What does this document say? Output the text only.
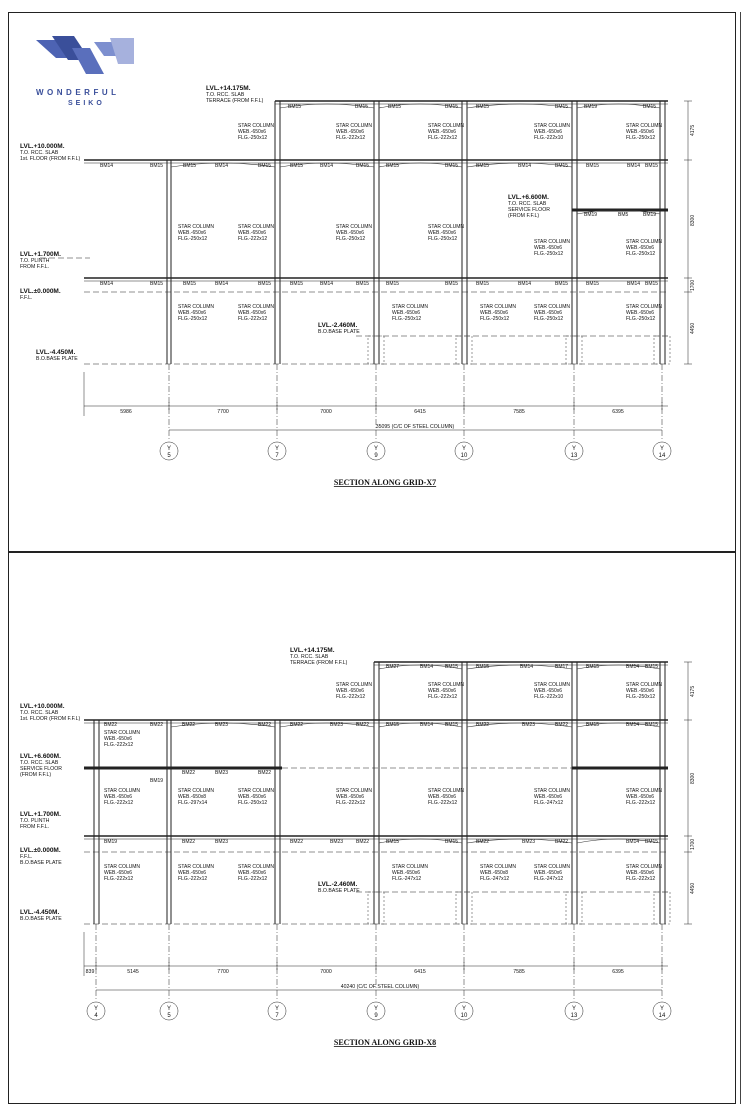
WONDERFUL
SEIKO	BM15	BM15	BM15	BM15	BM15	BM15	BM19	BM15
BM14	BM15	BM15	BM14	BM15	BM15	BM14	BM15	BM15	BM15	BM15	BM14	BM15	BM15	BM14 BM15
BM19	BM5	BM19
BM14	BM15	BM15	BM14	BM15	BM15	BM14	BM15	BM15	BM15	BM15	BM14	BM15	BM15	BM14 BM15
LVL.+14.175M.
T.O. RCC. SLAB
TERRACE (FROM F.F.L)
LVL.+10.000M.
T.O. RCC. SLAB
1st. FLOOR (FROM F.F.L)
LVL.+6.600M.
T.O. RCC. SLAB
SERVICE FLOOR
(FROM F.F.L)
LVL.+1.700M.
T.O. PLINTH
FROM F.F.L.
LVL.±0.000M.
F.F.L.
LVL.-2.460M.
B.O.BASE PLATE
LVL.-4.450M.
B.O.BASE PLATE
STAR COLUMN
WEB.-650x6
FLG.-250x12
STAR COLUMN
WEB.-650x6
FLG.-222x12
STAR COLUMN
WEB.-650x6
FLG.-222x12
STAR COLUMN
WEB.-650x6
FLG.-222x10
STAR COLUMN
WEB.-650x6
FLG.-250x12
STAR COLUMN
WEB.-650x6
FLG.-250x12
STAR COLUMN
WEB.-650x6
FLG.-222x12
STAR COLUMN
WEB.-650x6
FLG.-250x12
STAR COLUMN
WEB.-650x6
FLG.-250x12	STAR COLUMN
WEB.-650x6
FLG.-250x12
STAR COLUMN
WEB.-650x6
FLG.-250x12
STAR COLUMN
WEB.-650x6
FLG.-250x12
STAR COLUMN
WEB.-650x6
FLG.-222x12
STAR COLUMN
WEB.-650x6
FLG.-250x12
STAR COLUMN
WEB.-650x6
FLG.-250x12
STAR COLUMN
WEB.-650x6
FLG.-250x12
STAR COLUMN
WEB.-650x6
FLG.-250x12
4175
8300
1700
4450
5986	7700	7000	6415	7585	6395
35095 (C/C OF STEEL COLUMN)
Y
5
Y
7
Y
9
Y
10
Y
13
Y
14
SECTION ALONG GRID-X7
BM27	BM14 BM15	BM15	BM14	BM17	BM15	BM14 BM15
BM22	BM22	BM22	BM23	BM22	BM22	BM23	BM22	BM15	BM14 BM15	BM22	BM23	BM22	BM15	BM14 BM15
BM19
BM22	BM23	BM22
BM19	BM22	BM23	BM22	BM23	BM22	BM15	BM15	BM22	BM23	BM22	BM14 BM15
LVL.+14.175M.
T.O. RCC. SLAB
TERRACE (FROM F.F.L)
LVL.+10.000M.
T.O. RCC. SLAB
1st. FLOOR (FROM F.F.L)
LVL.+6.600M.
T.O. RCC. SLAB
SERVICE FLOOR
(FROM F.F.L)
LVL.+1.700M.
T.O. PLINTH
FROM F.F.L.
LVL.±0.000M.
F.F.L.
B.O.BASE PLATE
LVL.-2.460M.
B.O.BASE PLATE
LVL.-4.450M.
B.O.BASE PLATE
STAR COLUMN
WEB.-650x6
FLG.-222x12
STAR COLUMN
WEB.-650x6
FLG.-222x12
STAR COLUMN
WEB.-650x6
FLG.-222x10
STAR COLUMN
WEB.-650x6
FLG.-250x12
STAR COLUMN
WEB.-650x6
FLG.-222x12
STAR COLUMN
WEB.-650x6
FLG.-222x12
STAR COLUMN
WEB.-650x8
FLG.-297x14
STAR COLUMN
WEB.-650x6
FLG.-250x12
STAR COLUMN
WEB.-650x6
FLG.-222x12
STAR COLUMN
WEB.-650x6
FLG.-222x12
STAR COLUMN
WEB.-650x6
FLG.-247x12
STAR COLUMN
WEB.-650x6
FLG.-222x12
STAR COLUMN
WEB.-650x6
FLG.-222x12
STAR COLUMN
WEB.-650x6
FLG.-222x12
STAR COLUMN
WEB.-650x6
FLG.-222x12
STAR COLUMN
WEB.-650x6
FLG.-247x12
STAR COLUMN
WEB.-650x8
FLG.-247x12
STAR COLUMN
WEB.-650x6
FLG.-247x12
STAR COLUMN
WEB.-650x6
FLG.-222x12
4175
8300
1700
4450
839	5145	7700	7000	6415	7585	6395
40240 (C/C OF STEEL COLUMN)
Y
4
Y
5
Y
7
Y
9
Y
10
Y
13
Y
14
SECTION ALONG GRID-X8
